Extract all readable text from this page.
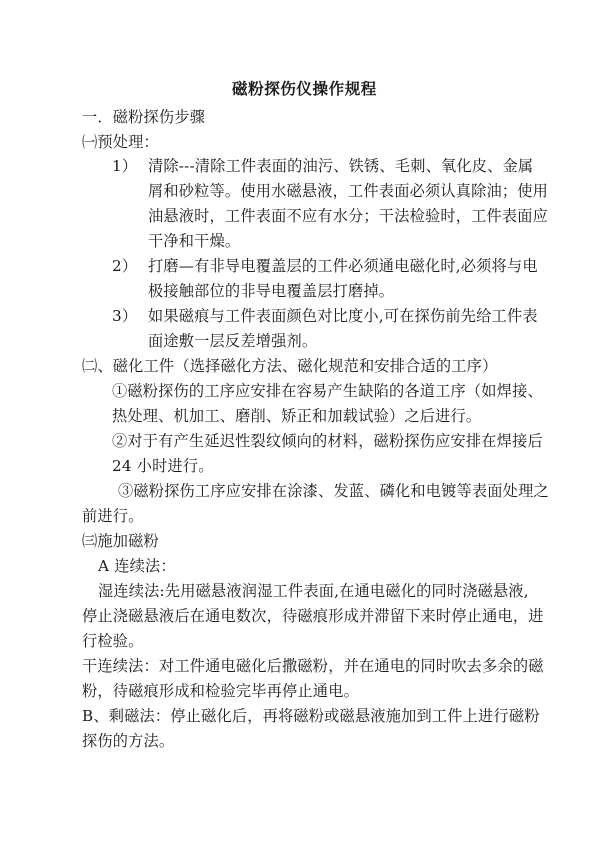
磁粉探伤仪操作规程
一．磁粉探伤步骤
㈠预处理：
1） 清除---清除工件表面的油污、铁锈、毛刺、氧化皮、金属
屑和砂粒等。使用水磁悬液，工件表面必须认真除油；使用
油悬液时，工件表面不应有水分；干法检验时，工件表面应
干净和干燥。
2） 打磨—有非导电覆盖层的工件必须通电磁化时,必须将与电
极接触部位的非导电覆盖层打磨掉。
3） 如果磁痕与工件表面颜色对比度小,可在探伤前先给工件表
面途敷一层反差增强剂。
㈡、磁化工件（选择磁化方法、磁化规范和安排合适的工序）
①磁粉探伤的工序应安排在容易产生缺陷的各道工序（如焊接、
热处理、机加工、磨削、矫正和加载试验）之后进行。
②对于有产生延迟性裂纹倾向的材料，磁粉探伤应安排在焊接后
24 小时进行。
③磁粉探伤工序应安排在涂漆、发蓝、磷化和电镀等表面处理之
前进行。
㈢施加磁粉
A 连续法：
湿连续法:先用磁悬液润湿工件表面,在通电磁化的同时浇磁悬液,
停止浇磁悬液后在通电数次，待磁痕形成并滞留下来时停止通电，进
行检验。
干连续法：对工件通电磁化后撒磁粉，并在通电的同时吹去多余的磁
粉，待磁痕形成和检验完毕再停止通电。
B、剩磁法：停止磁化后，再将磁粉或磁悬液施加到工件上进行磁粉
探伤的方法。
